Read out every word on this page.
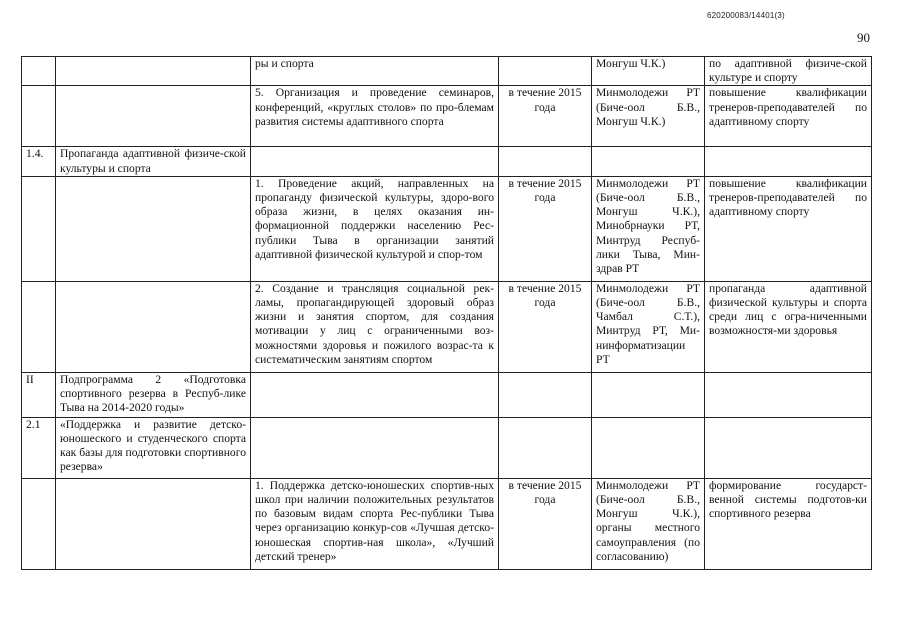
620200083/14401(3)
90
		ры и спорта		Монгуш Ч.К.)	по адаптивной физиче-ской культуре и спорту
		5. Организация и проведение семинаров, конференций, «круглых столов» по про-блемам развития системы адаптивного спорта	в течение 2015 года	Минмолодежи РТ (Биче-оол Б.В., Монгуш Ч.К.)	повышение квалификации тренеров-преподавателей по адаптивному спорту
1.4.	Пропаганда адаптивной физиче-ской культуры и спорта				
		1. Проведение акций, направленных на пропаганду физической культуры, здоро-вого образа жизни, в целях оказания ин-формационной поддержки населению Рес-публики Тыва в организации занятий адаптивной физической культурой и спор-том	в течение 2015 года	Минмолодежи РТ (Биче-оол Б.В., Монгуш Ч.К.), Минобрнауки РТ, Минтруд Респуб-лики Тыва, Мин-здрав РТ	повышение квалификации тренеров-преподавателей по адаптивному спорту
		2. Создание и трансляция социальной рек-ламы, пропагандирующей здоровый образ жизни и занятия спортом, для создания мотивации у лиц с ограниченными воз-можностями здоровья и пожилого возрас-та к систематическим занятиям спортом	в течение 2015 года	Минмолодежи РТ (Биче-оол Б.В., Чамбал С.Т.), Минтруд РТ, Ми-нинформатизации РТ	пропаганда адаптивной физической культуры и спорта среди лиц с огра-ниченными возможностя-ми здоровья
II	Подпрограмма 2 «Подготовка спортивного резерва в Респуб-лике Тыва на 2014-2020 годы»				
2.1	«Поддержка и развитие детско-юношеского и студенческого спорта как базы для подготовки спортивного резерва»				
		1. Поддержка детско-юношеских спортив-ных школ при наличии положительных результатов по базовым видам спорта Рес-публики Тыва через организацию конкур-сов «Лучшая детско-юношеская спортив-ная школа», «Лучший детский тренер»	в течение 2015 года	Минмолодежи РТ (Биче-оол Б.В., Монгуш Ч.К.), органы местного самоуправления (по согласованию)	формирование государст-венной системы подготов-ки спортивного резерва
